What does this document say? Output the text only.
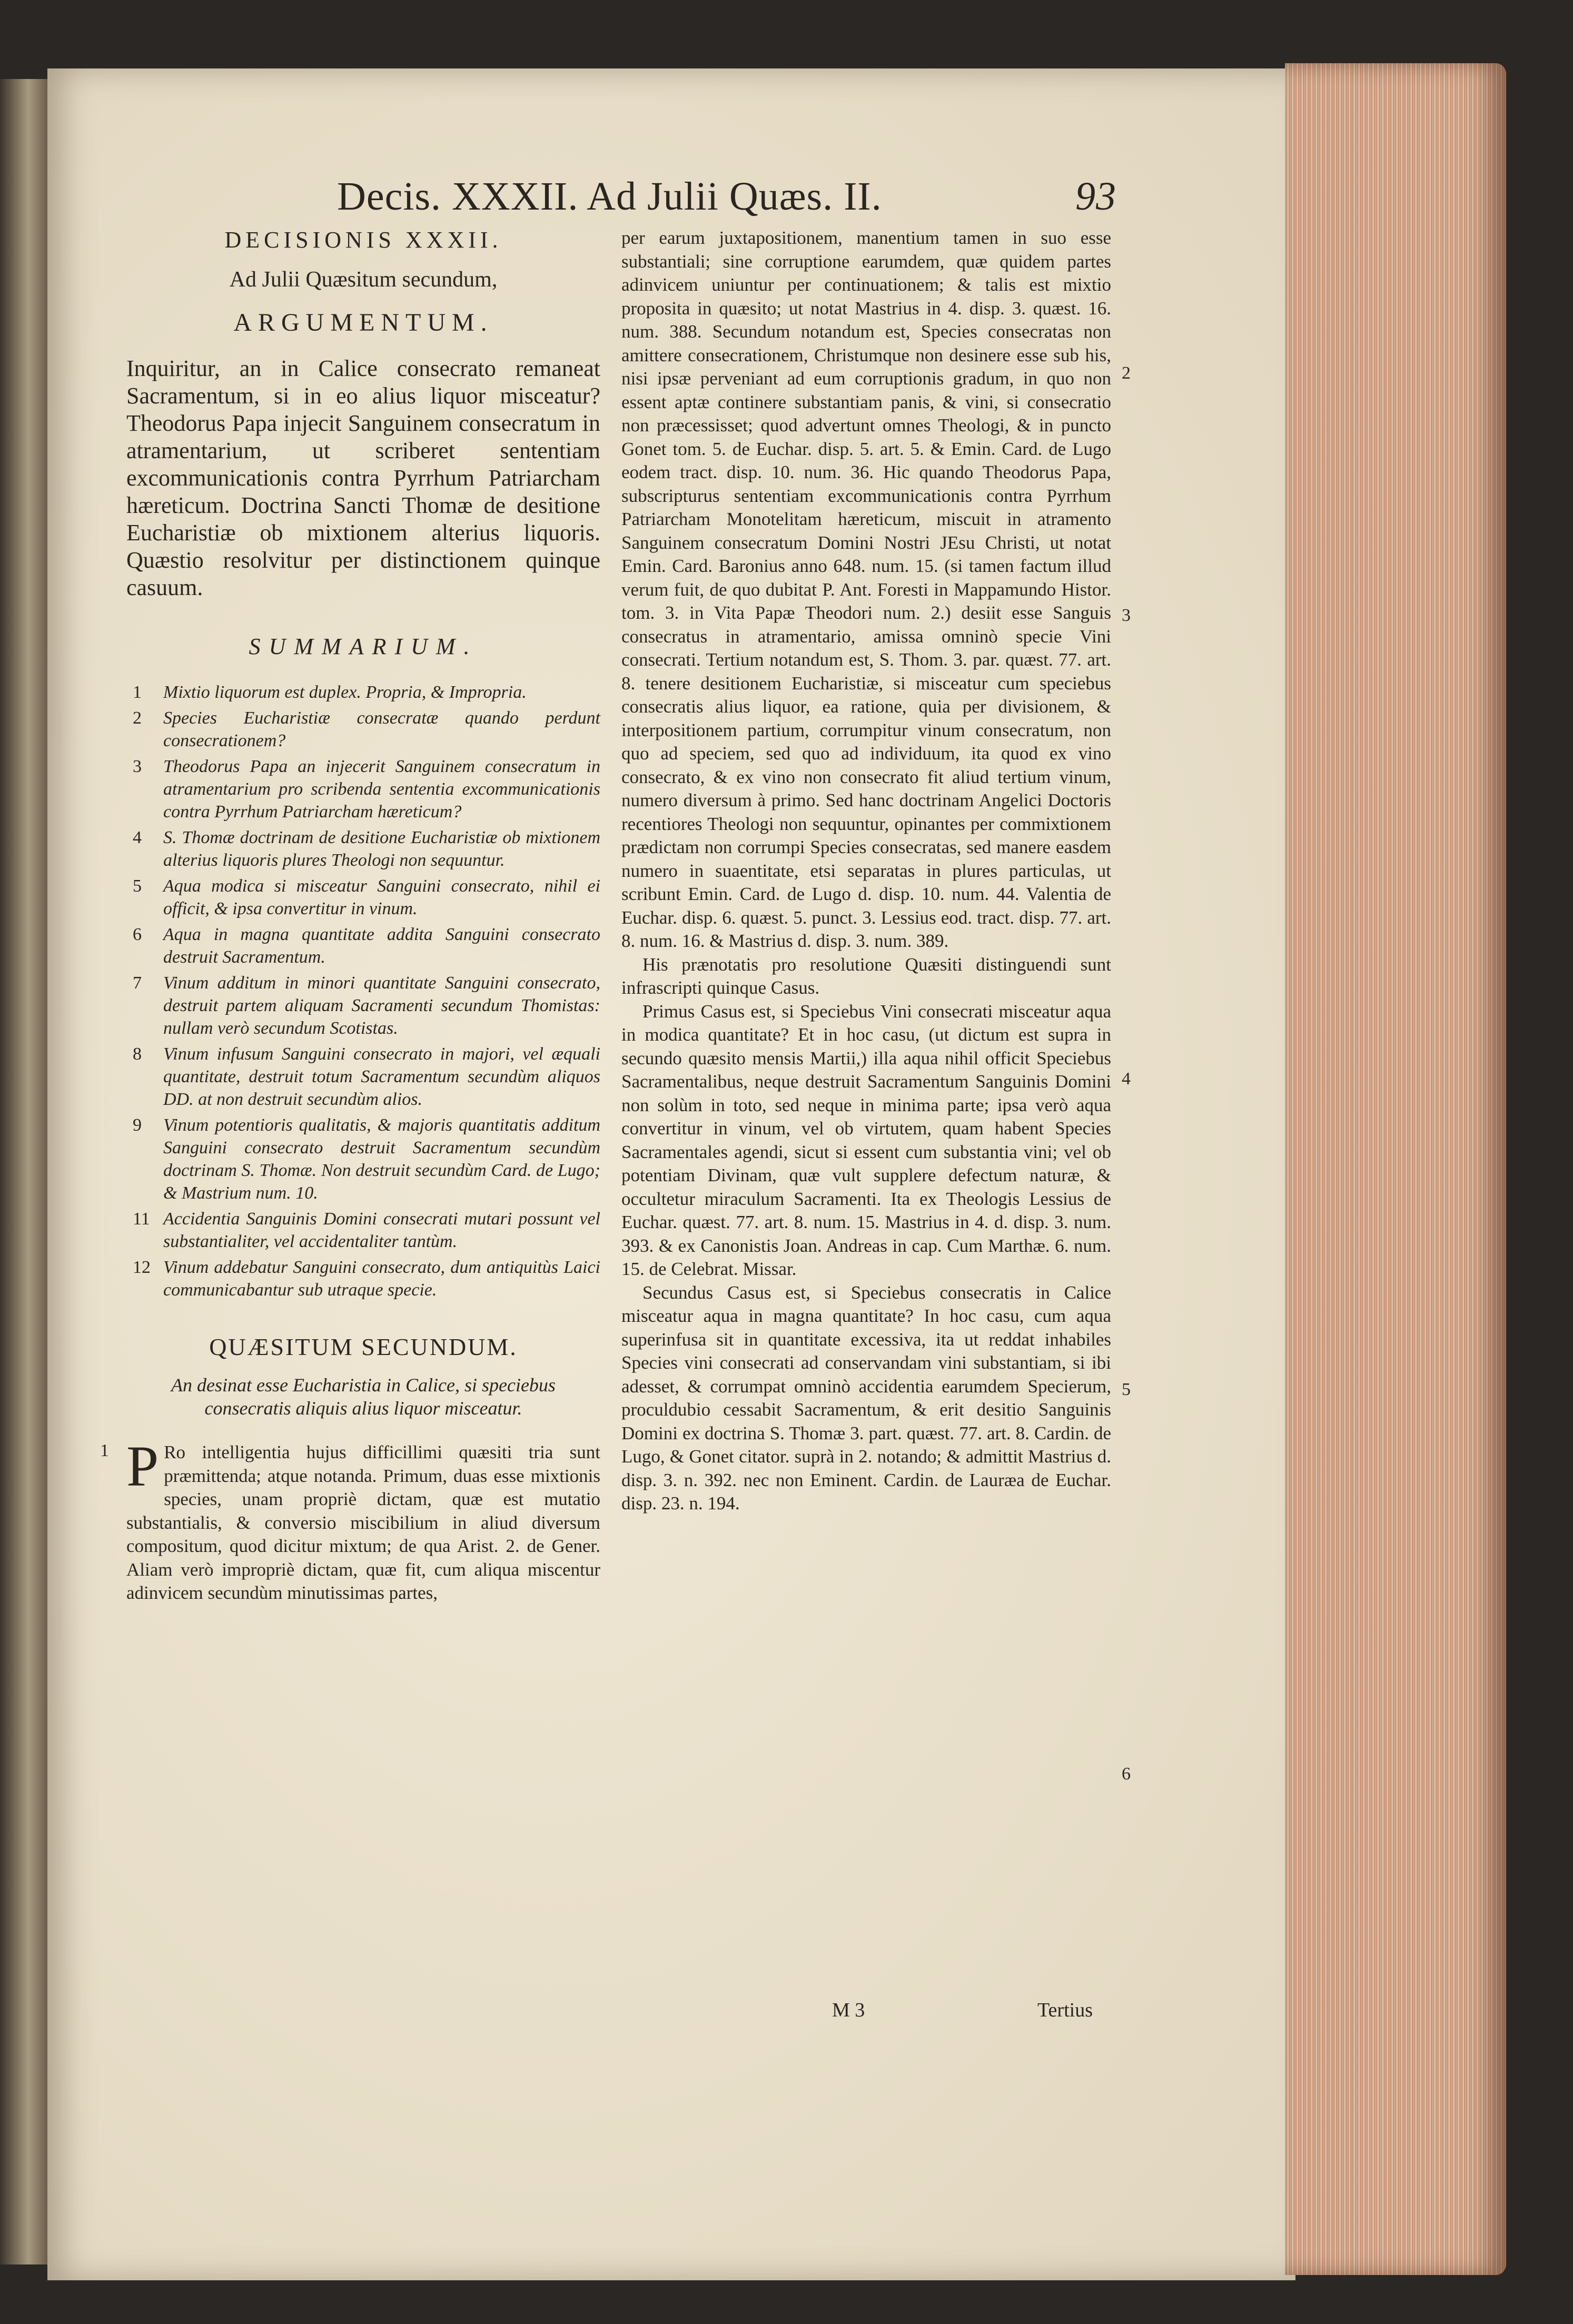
Decis. XXXII. Ad Julii Quæs. II.	93
DECISIONIS XXXII.
Ad Julii Quæsitum secundum,
ARGUMENTUM.

Inquiritur, an in Calice consecrato remaneat Sacramentum, si in eo alius liquor misceatur? Theodorus Papa injecit Sanguinem consecratum in atramentarium, ut scriberet sententiam excommunicationis contra Pyrrhum Patriarcham hæreticum. Doctrina Sancti Thomæ de desitione Eucharistiæ ob mixtionem alterius liquoris. Quæstio resolvitur per distinctionem quinque casuum.

SUMMARIUM.
1 Mixtio liquorum est duplex. Propria, & Impropria.
2 Species Eucharistiæ consecratæ quando perdunt consecrationem?
3 Theodorus Papa an injecerit Sanguinem consecratum in atramentarium pro scribenda sententia excommunicationis contra Pyrrhum Patriarcham hæreticum?
4 S. Thomæ doctrinam de desitione Eucharistiæ ob mixtionem alterius liquoris plures Theologi non sequuntur.
5 Aqua modica si misceatur Sanguini consecrato, nihil ei officit, & ipsa convertitur in vinum.
6 Aqua in magna quantitate addita Sanguini consecrato destruit Sacramentum.
7 Vinum additum in minori quantitate Sanguini consecrato, destruit partem aliquam Sacramenti secundum Thomistas: nullam verò secundum Scotistas.
8 Vinum infusum Sanguini consecrato in majori, vel æquali quantitate, destruit totum Sacramentum secundùm aliquos DD. at non destruit secundùm alios.
9 Vinum potentioris qualitatis, & majoris quantitatis additum Sanguini consecrato destruit Sacramentum secundùm doctrinam S. Thomæ. Non destruit secundùm Card. de Lugo; & Mastrium num. 10.
11 Accidentia Sanguinis Domini consecrati mutari possunt vel substantialiter, vel accidentaliter tantùm.
12 Vinum addebatur Sanguini consecrato, dum antiquitùs Laici communicabantur sub utraque specie.
QUÆSITUM SECUNDUM.
An desinat esse Eucharistia in Calice, si speciebus consecratis aliquis alius liquor misceatur.
1 P Ro intelligentia hujus difficillimi quæsiti tria sunt præmittenda; atque notanda. Primum, duas esse mixtionis species, unam propriè dictam, quæ est mutatio substantialis, & conversio miscibilium in aliud diversum compositum, quod dicitur mixtum; de qua Arist. 2. de Gener. Aliam verò impropriè dictam, quæ fit, cum aliqua miscentur adinvicem secundùm minutissimas partes,

per earum juxtapositionem, manentium tamen in suo esse substantiali; sine corruptione earumdem, quæ quidem partes adinvicem uniuntur per continuationem; & talis est mixtio proposita in quæsito; ut notat Mastrius in 4. disp. 3. quæst. 16. num. 388. Secundum notandum est, Species consecratas non amittere consecrationem, Christumque non desinere esse sub his, nisi ipsæ perveniant ad eum corruptionis gradum, in quo non essent aptæ continere substantiam panis, & vini, si consecratio non præcessisset; quod advertunt omnes Theologi, & in puncto Gonet tom. 5. de Euchar. disp. 5. art. 5. & Emin. Card. de Lugo eodem tract. disp. 10. num. 36. Hic quando Theodorus Papa, subscripturus sententiam excommunicationis contra Pyrrhum Patriarcham Monotelitam hæreticum, miscuit in atramento Sanguinem consecratum Domini Nostri JEsu Christi, ut notat Emin. Card. Baronius anno 648. num. 15. (si tamen factum illud verum fuit, de quo dubitat P. Ant. Foresti in Mappamundo Histor. tom. 3. in Vita Papæ Theodori num. 2.) desiit esse Sanguis consecratus in atramentario, amissa omninò specie Vini consecrati. Tertium notandum est, S. Thom. 3. par. quæst. 77. art. 8. tenere desitionem Eucharistiæ, si misceatur cum speciebus consecratis alius liquor, ea ratione, quia per divisionem, & interpositionem partium, corrumpitur vinum consecratum, non quo ad speciem, sed quo ad individuum, ita quod ex vino consecrato, & ex vino non consecrato fit aliud tertium vinum, numero diversum à primo. Sed hanc doctrinam Angelici Doctoris recentiores Theologi non sequuntur, opinantes per commixtionem prædictam non corrumpi Species consecratas, sed manere easdem numero in suaentitate, etsi separatas in plures particulas, ut scribunt Emin. Card. de Lugo d. disp. 10. num. 44. Valentia de Euchar. disp. 6. quæst. 5. punct. 3. Lessius eod. tract. disp. 77. art. 8. num. 16. & Mastrius d. disp. 3. num. 389.

His prænotatis pro resolutione Quæsiti distinguendi sunt infrascripti quinque Casus.

Primus Casus est, si Speciebus Vini consecrati misceatur aqua in modica quantitate? Et in hoc casu, (ut dictum est supra in secundo quæsito mensis Martii,) illa aqua nihil officit Speciebus Sacramentalibus, neque destruit Sacramentum Sanguinis Domini non solùm in toto, sed neque in minima parte; ipsa verò aqua convertitur in vinum, vel ob virtutem, quam habent Species Sacramentales agendi, sicut si essent cum substantia vini; vel ob potentiam Divinam, quæ vult supplere defectum naturæ, & occultetur miraculum Sacramenti. Ita ex Theologis Lessius de Euchar. quæst. 77. art. 8. num. 15. Mastrius in 4. d. disp. 3. num. 393. & ex Canonistis Joan. Andreas in cap. Cum Marthæ. 6. num. 15. de Celebrat. Missar.

Secundus Casus est, si Speciebus consecratis in Calice misceatur aqua in magna quantitate? In hoc casu, cum aqua superinfusa sit in quantitate excessiva, ita ut reddat inhabiles Species vini consecrati ad conservandam vini substantiam, si ibi adesset, & corrumpat omninò accidentia earumdem Specierum, proculdubio cessabit Sacramentum, & erit desitio Sanguinis Domini ex doctrina S. Thomæ 3. part. quæst. 77. art. 8. Cardin. de Lugo, & Gonet citator. suprà in 2. notando; & admittit Mastrius d. disp. 3. n. 392. nec non Eminent. Cardin. de Lauræa de Euchar. disp. 23. n. 194.

2
3
4
5
6
M 3	Tertius
